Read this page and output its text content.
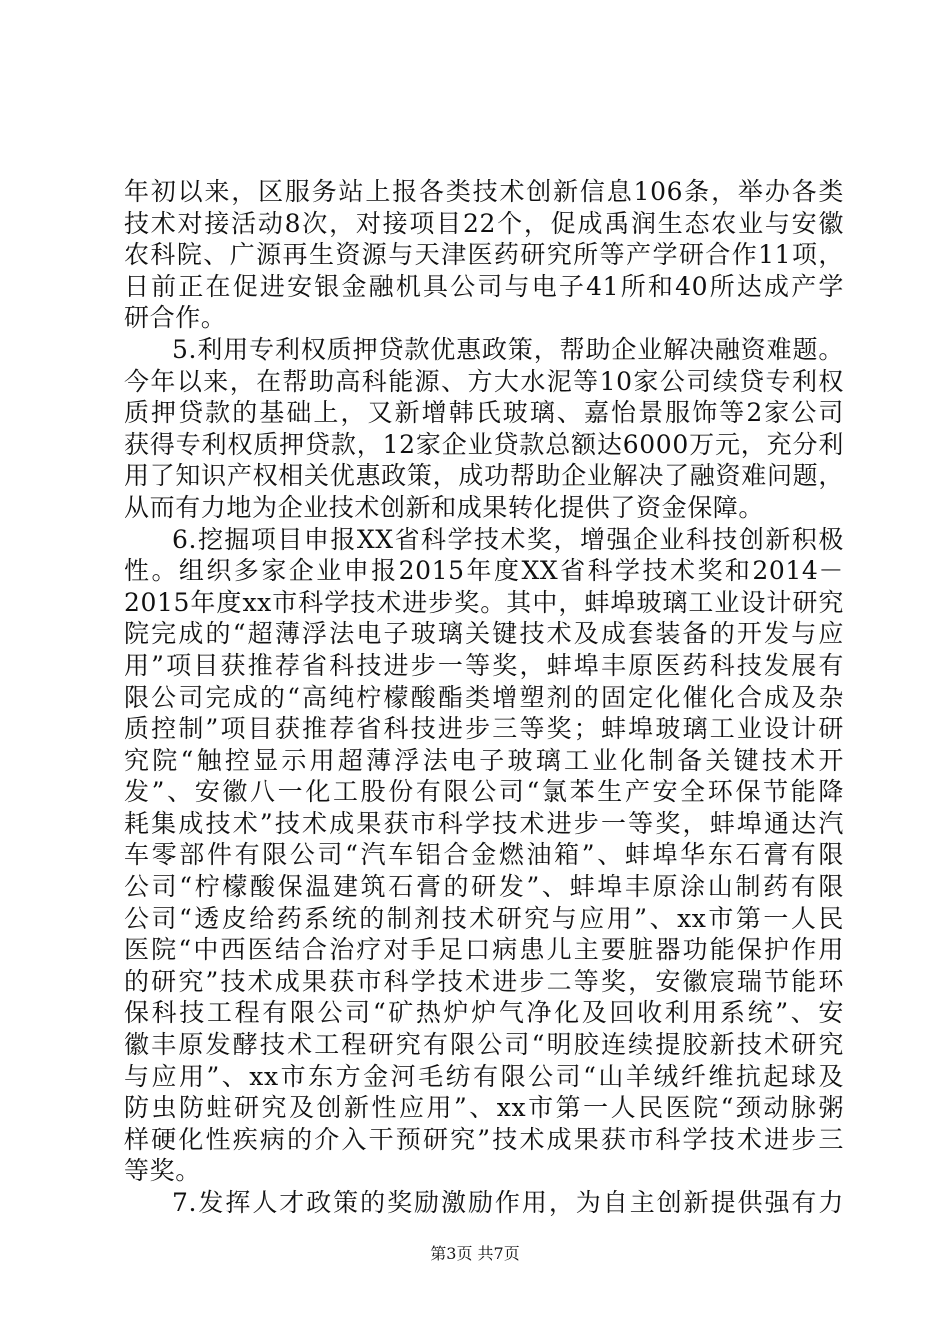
年初以来，区服务站上报各类技术创新信息106条，举办各类
技术对接活动8次，对接项目22个，促成禹润生态农业与安徽
农科院、广源再生资源与天津医药研究所等产学研合作11项，
日前正在促进安银金融机具公司与电子41所和40所达成产学
研合作。
5.利用专利权质押贷款优惠政策，帮助企业解决融资难题。
今年以来，在帮助高科能源、方大水泥等10家公司续贷专利权
质押贷款的基础上，又新增韩氏玻璃、嘉怡景服饰等2家公司
获得专利权质押贷款，12家企业贷款总额达6000万元，充分利
用了知识产权相关优惠政策，成功帮助企业解决了融资难问题，
从而有力地为企业技术创新和成果转化提供了资金保障。
6.挖掘项目申报XX省科学技术奖，增强企业科技创新积极
性。组织多家企业申报2015年度XX省科学技术奖和2014－
2015年度xx市科学技术进步奖。其中，蚌埠玻璃工业设计研究
院完成的“超薄浮法电子玻璃关键技术及成套装备的开发与应
用”项目获推荐省科技进步一等奖，蚌埠丰原医药科技发展有
限公司完成的“高纯柠檬酸酯类增塑剂的固定化催化合成及杂
质控制”项目获推荐省科技进步三等奖；蚌埠玻璃工业设计研
究院“触控显示用超薄浮法电子玻璃工业化制备关键技术开
发”、安徽八一化工股份有限公司“氯苯生产安全环保节能降
耗集成技术”技术成果获市科学技术进步一等奖，蚌埠通达汽
车零部件有限公司“汽车铝合金燃油箱”、蚌埠华东石膏有限
公司“柠檬酸保温建筑石膏的研发”、蚌埠丰原涂山制药有限
公司“透皮给药系统的制剂技术研究与应用”、xx市第一人民
医院“中西医结合治疗对手足口病患儿主要脏器功能保护作用
的研究”技术成果获市科学技术进步二等奖，安徽宸瑞节能环
保科技工程有限公司“矿热炉炉气净化及回收利用系统”、安
徽丰原发酵技术工程研究有限公司“明胶连续提胶新技术研究
与应用”、xx市东方金河毛纺有限公司“山羊绒纤维抗起球及
防虫防蛀研究及创新性应用”、xx市第一人民医院“颈动脉粥
样硬化性疾病的介入干预研究”技术成果获市科学技术进步三
等奖。
7.发挥人才政策的奖励激励作用，为自主创新提供强有力
第3页 共7页
